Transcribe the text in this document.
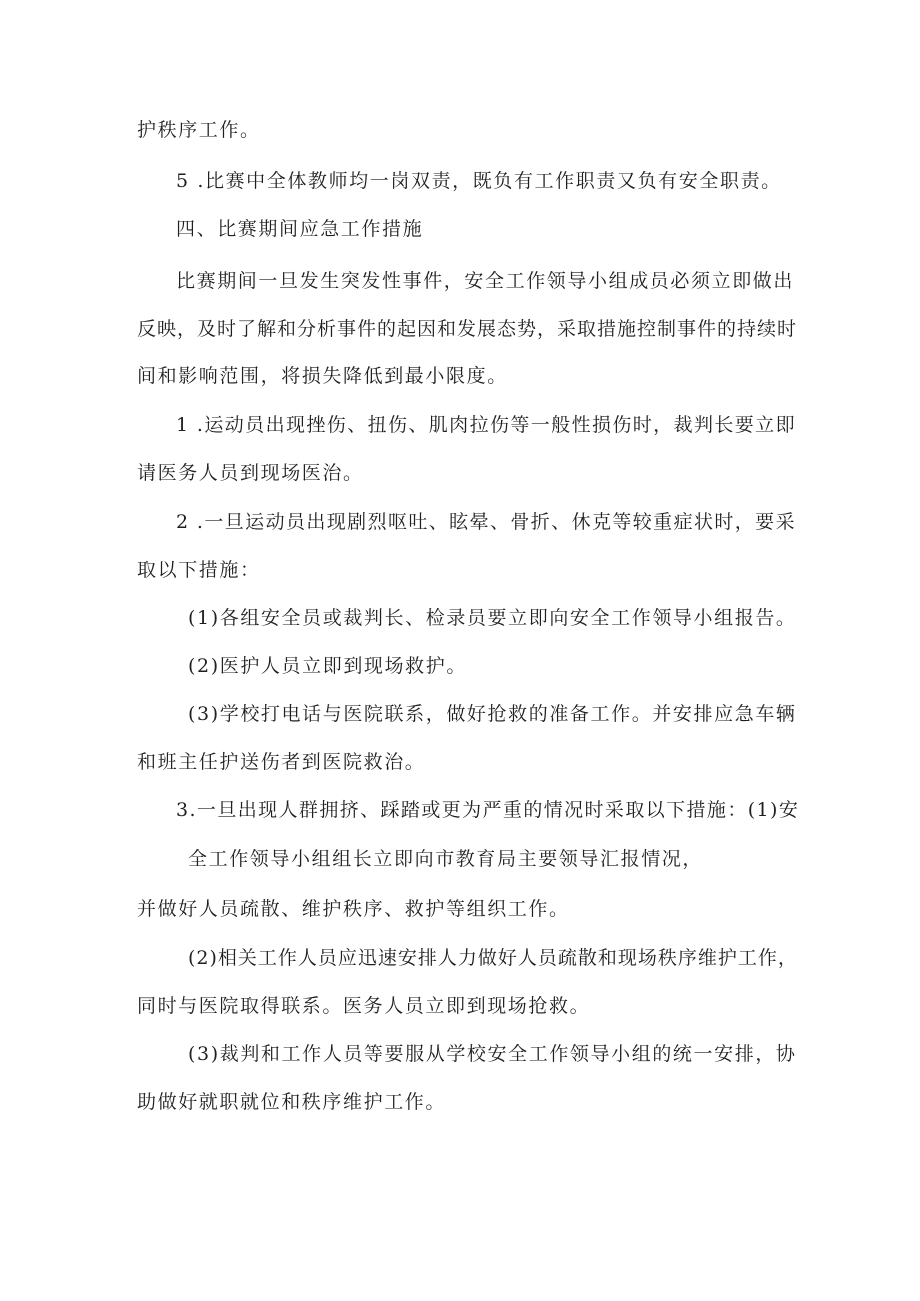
护秩序工作。
5 .比赛中全体教师均一岗双责，既负有工作职责又负有安全职责。
四、比赛期间应急工作措施
比赛期间一旦发生突发性事件，安全工作领导小组成员必须立即做出
反映，及时了解和分析事件的起因和发展态势，采取措施控制事件的持续时
间和影响范围，将损失降低到最小限度。
1 .运动员出现挫伤、扭伤、肌肉拉伤等一般性损伤时，裁判长要立即
请医务人员到现场医治。
2 .一旦运动员出现剧烈呕吐、眩晕、骨折、休克等较重症状时，要采
取以下措施：
(1)各组安全员或裁判长、检录员要立即向安全工作领导小组报告。
(2)医护人员立即到现场救护。
(3)学校打电话与医院联系，做好抢救的准备工作。并安排应急车辆
和班主任护送伤者到医院救治。
3.一旦出现人群拥挤、踩踏或更为严重的情况时采取以下措施：(1)安
全工作领导小组组长立即向市教育局主要领导汇报情况，
并做好人员疏散、维护秩序、救护等组织工作。
(2)相关工作人员应迅速安排人力做好人员疏散和现场秩序维护工作，
同时与医院取得联系。医务人员立即到现场抢救。
(3)裁判和工作人员等要服从学校安全工作领导小组的统一安排，协
助做好就职就位和秩序维护工作。
